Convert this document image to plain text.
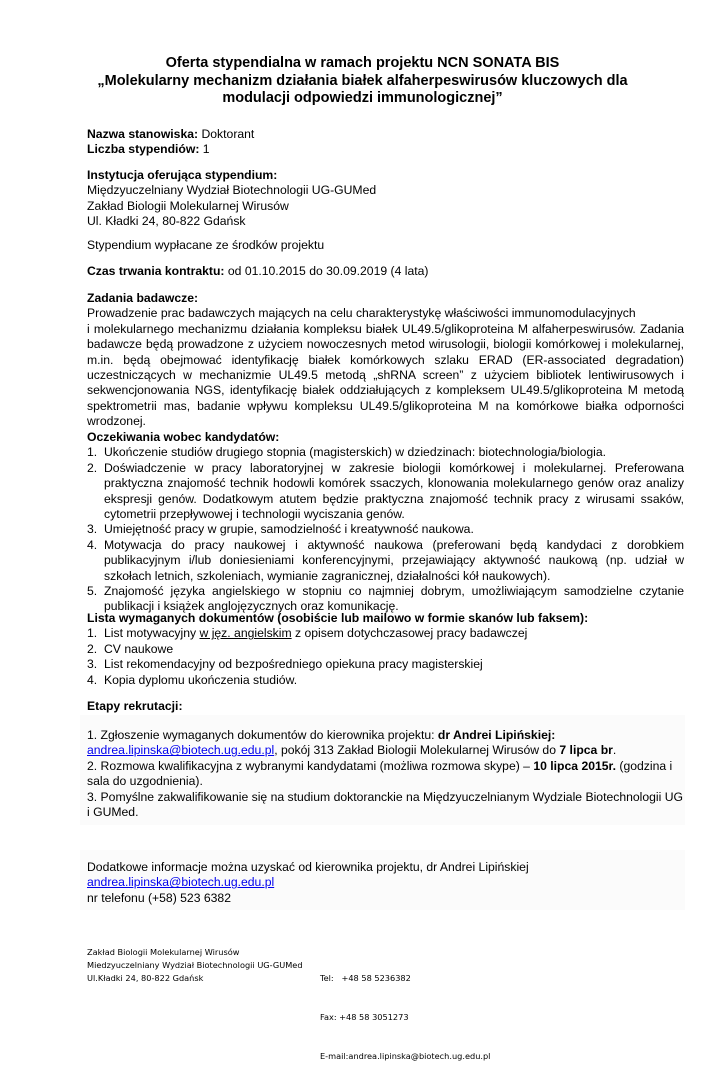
Oferta stypendialna w ramach projektu NCN SONATA BIS
„Molekularny mechanizm działania białek alfaherpeswirusów kluczowych dla
modulacji odpowiedzi immunologicznej”
Nazwa stanowiska: Doktorant
Liczba stypendiów: 1
Instytucja oferująca stypendium:
Międzyuczelniany Wydział Biotechnologii UG-GUMed
Zakład Biologii Molekularnej Wirusów
Ul. Kładki 24, 80-822 Gdańsk
Stypendium wypłacane ze środków projektu
Czas trwania kontraktu: od 01.10.2015 do 30.09.2019 (4 lata)
Zadania badawcze:
Prowadzenie prac badawczych mających na celu charakterystykę właściwości immunomodulacyjnych
i molekularnego mechanizmu działania kompleksu białek UL49.5/glikoproteina M alfaherpeswirusów. Zadania badawcze będą prowadzone z użyciem nowoczesnych metod wirusologii, biologii komórkowej i molekularnej, m.in. będą obejmować identyfikację białek komórkowych szlaku ERAD (ER-associated degradation) uczestniczących w mechanizmie UL49.5 metodą „shRNA screen” z użyciem bibliotek lentiwirusowych i sekwencjonowania NGS, identyfikację białek oddziałujących z kompleksem UL49.5/glikoproteina M metodą spektrometrii mas, badanie wpływu kompleksu UL49.5/glikoproteina M na komórkowe białka odporności wrodzonej.
Oczekiwania wobec kandydatów:
1. Ukończenie studiów drugiego stopnia (magisterskich) w dziedzinach: biotechnologia/biologia.
2. Doświadczenie w pracy laboratoryjnej w zakresie biologii komórkowej i molekularnej. Preferowana praktyczna znajomość technik hodowli komórek ssaczych, klonowania molekularnego genów oraz analizy ekspresji genów. Dodatkowym atutem będzie praktyczna znajomość technik pracy z wirusami ssaków, cytometrii przepływowej i technologii wyciszania genów.
3. Umiejętność pracy w grupie, samodzielność i kreatywność naukowa.
4. Motywacja do pracy naukowej i aktywność naukowa (preferowani będą kandydaci z dorobkiem publikacyjnym i/lub doniesieniami konferencyjnymi, przejawiający aktywność naukową (np. udział w szkołach letnich, szkoleniach, wymianie zagranicznej, działalności kół naukowych).
5. Znajomość języka angielskiego w stopniu co najmniej dobrym, umożliwiającym samodzielne czytanie publikacji i książek anglojęzycznych oraz komunikację.
Lista wymaganych dokumentów (osobiście lub mailowo w formie skanów lub faksem):
1. List motywacyjny w jęz. angielskim z opisem dotychczasowej pracy badawczej
2. CV naukowe
3. List rekomendacyjny od bezpośredniego opiekuna pracy magisterskiej
4. Kopia dyplomu ukończenia studiów.
Etapy rekrutacji:
1. Zgłoszenie wymaganych dokumentów do kierownika projektu: dr Andrei Lipińskiej:
andrea.lipinska@biotech.ug.edu.pl, pokój 313 Zakład Biologii Molekularnej Wirusów do 7 lipca br.
2. Rozmowa kwalifikacyjna z wybranymi kandydatami (możliwa rozmowa skype) – 10 lipca 2015r. (godzina i sala do uzgodnienia).
3. Pomyślne zakwalifikowanie się na studium doktoranckie na Międzyuczelnianym Wydziale Biotechnologii UG i GUMed.
Dodatkowe informacje można uzyskać od kierownika projektu, dr Andrei Lipińskiej
andrea.lipinska@biotech.ug.edu.pl
nr telefonu (+58) 523 6382
Zakład Biologii Molekularnej Wirusów
Miedzyuczelniany Wydział Biotechnologii UG-GUMed
Ul.Kładki 24, 80-822 Gdańsk

	Tel:   +48 58 5236382

Fax: +48 58 3051273

E-mail:andrea.lipinska@biotech.ug.edu.pl
